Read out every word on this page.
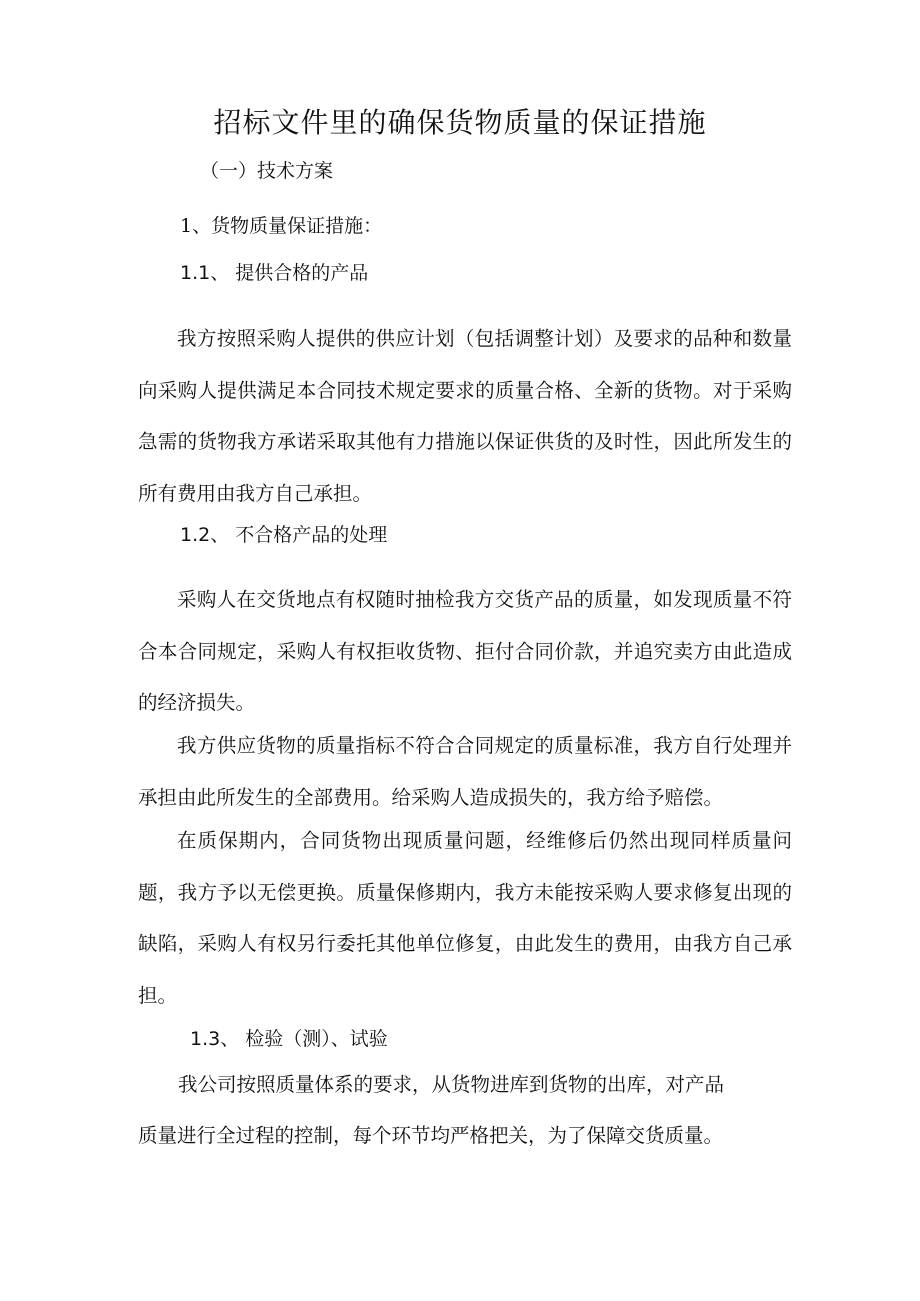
招标文件里的确保货物质量的保证措施
（一）技术方案
1、货物质量保证措施：
1.1、 提供合格的产品
我方按照采购人提供的供应计划（包括调整计划）及要求的品种和数量向采购人提供满足本合同技术规定要求的质量合格、全新的货物。对于采购急需的货物我方承诺采取其他有力措施以保证供货的及时性，因此所发生的所有费用由我方自己承担。
1.2、 不合格产品的处理
采购人在交货地点有权随时抽检我方交货产品的质量，如发现质量不符合本合同规定，采购人有权拒收货物、拒付合同价款，并追究卖方由此造成的经济损失。
我方供应货物的质量指标不符合合同规定的质量标准，我方自行处理并承担由此所发生的全部费用。给采购人造成损失的，我方给予赔偿。
在质保期内，合同货物出现质量问题，经维修后仍然出现同样质量问题，我方予以无偿更换。质量保修期内，我方未能按采购人要求修复出现的缺陷，采购人有权另行委托其他单位修复，由此发生的费用，由我方自己承担。
1.3、 检验（测）、试验
我公司按照质量体系的要求，从货物进库到货物的出库，对产品
质量进行全过程的控制，每个环节均严格把关，为了保障交货质量。
